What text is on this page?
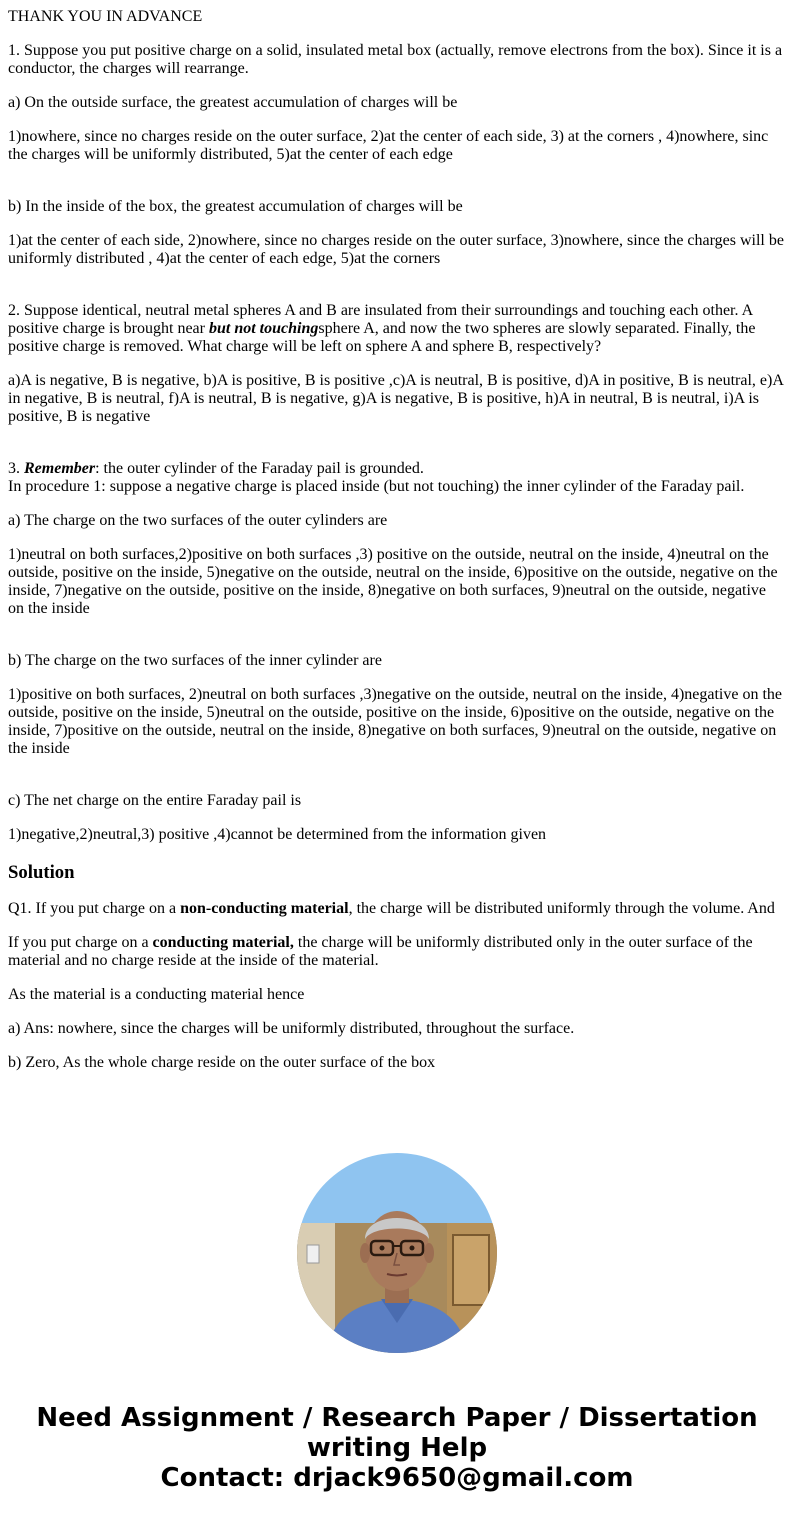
THANK YOU IN ADVANCE

1. Suppose you put positive charge on a solid, insulated metal box (actually, remove electrons from the box). Since it is a conductor, the charges will rearrange.

a) On the outside surface, the greatest accumulation of charges will be

1)nowhere, since no charges reside on the outer surface, 2)at the center of each side, 3) at the corners , 4)nowhere, sinc the charges will be uniformly distributed, 5)at the center of each edge

b) In the inside of the box, the greatest accumulation of charges will be

1)at the center of each side, 2)nowhere, since no charges reside on the outer surface, 3)nowhere, since the charges will be uniformly distributed , 4)at the center of each edge, 5)at the corners

2. Suppose identical, neutral metal spheres A and B are insulated from their surroundings and touching each other. A positive charge is brought near but not touchingsphere A, and now the two spheres are slowly separated. Finally, the positive charge is removed. What charge will be left on sphere A and sphere B, respectively?

a)A is negative, B is negative, b)A is positive, B is positive ,c)A is neutral, B is positive, d)A in positive, B is neutral, e)A in negative, B is neutral, f)A is neutral, B is negative, g)A is negative, B is positive, h)A in neutral, B is neutral, i)A is positive, B is negative

3. Remember: the outer cylinder of the Faraday pail is grounded.

In procedure 1: suppose a negative charge is placed inside (but not touching) the inner cylinder of the Faraday pail.

a) The charge on the two surfaces of the outer cylinders are

1)neutral on both surfaces,2)positive on both surfaces ,3) positive on the outside, neutral on the inside, 4)neutral on the outside, positive on the inside, 5)negative on the outside, neutral on the inside, 6)positive on the outside, negative on the inside, 7)negative on the outside, positive on the inside, 8)negative on both surfaces, 9)neutral on the outside, negative on the inside

b) The charge on the two surfaces of the inner cylinder are

1)positive on both surfaces, 2)neutral on both surfaces ,3)negative on the outside, neutral on the inside, 4)negative on the outside, positive on the inside, 5)neutral on the outside, positive on the inside, 6)positive on the outside, negative on the inside, 7)positive on the outside, neutral on the inside, 8)negative on both surfaces, 9)neutral on the outside, negative on the inside

c) The net charge on the entire Faraday pail is

1)negative,2)neutral,3) positive ,4)cannot be determined from the information given

Solution

Q1. If you put charge on a non-conducting material, the charge will be distributed uniformly through the volume. And

If you put charge on a conducting material, the charge will be uniformly distributed only in the outer surface of the material and no charge reside at the inside of the material.

As the material is a conducting material hence

a) Ans: nowhere, since the charges will be uniformly distributed, throughout the surface.

b) Zero, As the whole charge reside on the outer surface of the box

Need Assignment / Research Paper / Dissertation
writing Help
Contact: drjack9650@gmail.com
